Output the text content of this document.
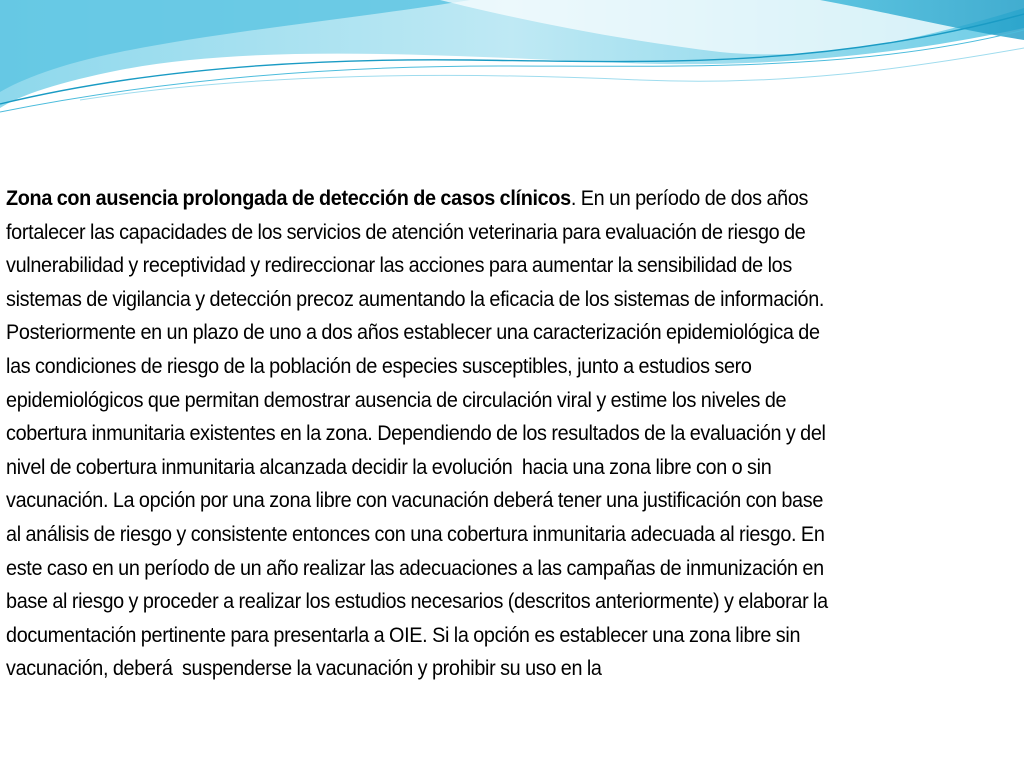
Zona con ausencia prolongada de detección de casos clínicos. En un período de dos años
fortalecer las capacidades de los servicios de atención veterinaria para evaluación de riesgo de
vulnerabilidad y receptividad y redireccionar las acciones para aumentar la sensibilidad de los
sistemas de vigilancia y detección precoz aumentando la eficacia de los sistemas de información.
Posteriormente en un plazo de uno a dos años establecer una caracterización epidemiológica de
las condiciones de riesgo de la población de especies susceptibles, junto a estudios sero
epidemiológicos que permitan demostrar ausencia de circulación viral y estime los niveles de
cobertura inmunitaria existentes en la zona. Dependiendo de los resultados de la evaluación y del
nivel de cobertura inmunitaria alcanzada decidir la evolución  hacia una zona libre con o sin
vacunación. La opción por una zona libre con vacunación deberá tener una justificación con base
al análisis de riesgo y consistente entonces con una cobertura inmunitaria adecuada al riesgo. En
este caso en un período de un año realizar las adecuaciones a las campañas de inmunización en
base al riesgo y proceder a realizar los estudios necesarios (descritos anteriormente) y elaborar la
documentación pertinente para presentarla a OIE. Si la opción es establecer una zona libre sin
vacunación, deberá  suspenderse la vacunación y prohibir su uso en la
